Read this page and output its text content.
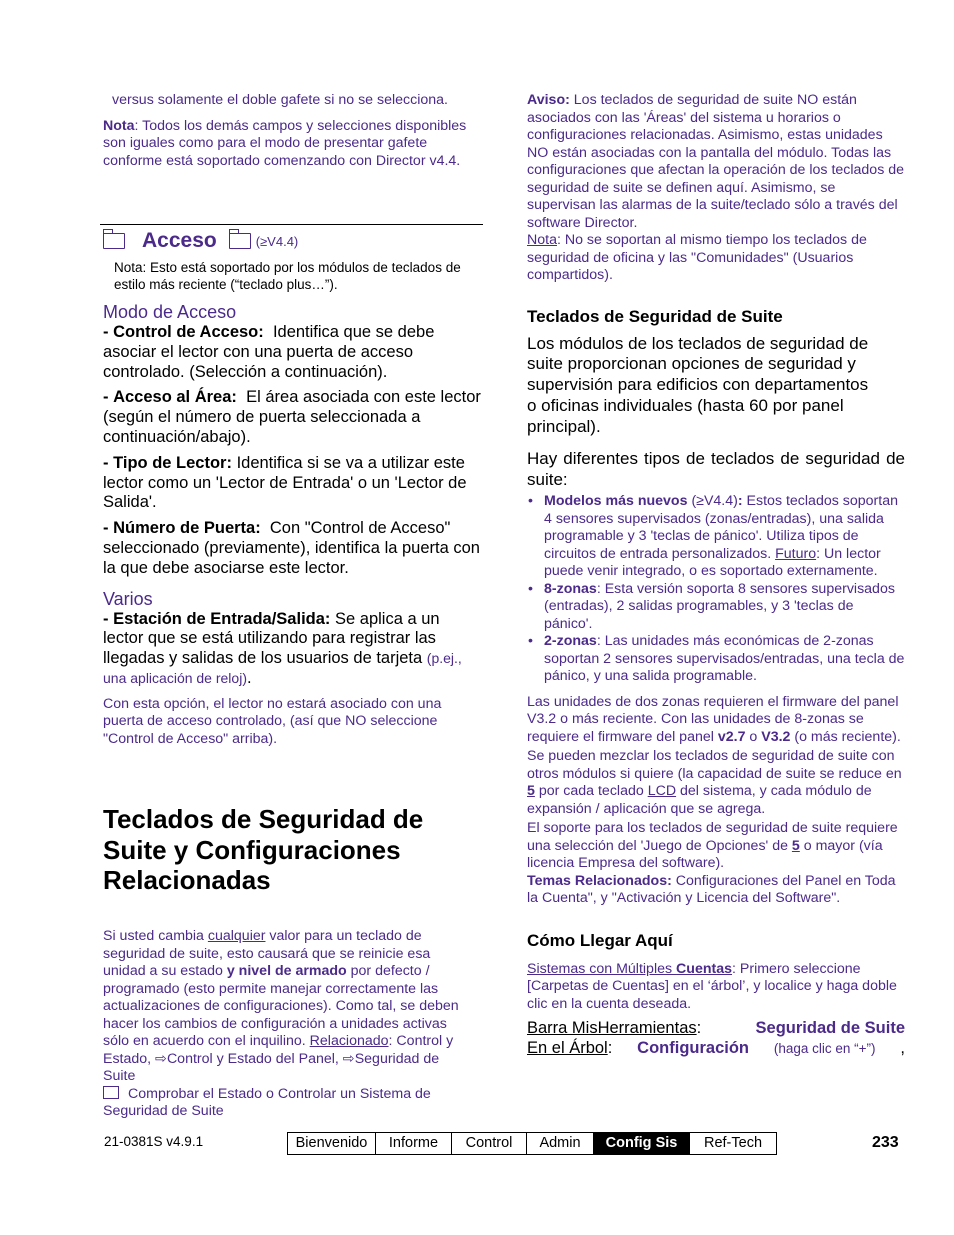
versus solamente el doble gafete si no se selecciona.

Nota: Todos los demás campos y selecciones disponibles son iguales como para el modo de presentar gafete conforme está soportado comenzando con Director v4.4.

Acceso	(≥V4.4)

Nota: Esto está soportado por los módulos de teclados de estilo más reciente (“teclado plus…”).

Modo de Acceso

- Control de Acceso: Identifica que se debe asociar el lector con una puerta de acceso controlado. (Selección a continuación).

- Acceso al Área: El área asociada con este lector (según el número de puerta seleccionada a continuación/abajo).

- Tipo de Lector: Identifica si se va a utilizar este lector como un 'Lector de Entrada' o un 'Lector de Salida'.

- Número de Puerta: Con "Control de Acceso" seleccionado (previamente), identifica la puerta con la que debe asociarse este lector.

Varios

- Estación de Entrada/Salida: Se aplica a un lector que se está utilizando para registrar las llegadas y salidas de los usuarios de tarjeta (p.ej., una aplicación de reloj).

Con esta opción, el lector no estará asociado con una puerta de acceso controlado, (así que NO seleccione "Control de Acceso" arriba).

Teclados de Seguridad de Suite y Configuraciones Relacionadas

Si usted cambia cualquier valor para un teclado de seguridad de suite, esto causará que se reinicie esa unidad a su estado y nivel de armado por defecto / programado (esto permite manejar correctamente las actualizaciones de configuraciones). Como tal, se deben hacer los cambios de configuración a unidades activas sólo en acuerdo con el inquilino. Relacionado: Control y Estado, ⇨Control y Estado del Panel, ⇨Seguridad de Suite

Comprobar el Estado o Controlar un Sistema de Seguridad de Suite

Aviso: Los teclados de seguridad de suite NO están asociados con las 'Áreas' del sistema u horarios o configuraciones relacionadas. Asimismo, estas unidades NO están asociadas con la pantalla del módulo. Todas las configuraciones que afectan la operación de los teclados de seguridad de suite se definen aquí. Asimismo, se supervisan las alarmas de la suite/teclado sólo a través del software Director.

Nota: No se soportan al mismo tiempo los teclados de seguridad de oficina y las "Comunidades" (Usuarios compartidos).

Teclados de Seguridad de Suite

Los módulos de los teclados de seguridad de suite proporcionan opciones de seguridad y supervisión para edificios con departamentos o oficinas individuales (hasta 60 por panel principal).

Hay diferentes tipos de teclados de seguridad de suite:

• Modelos más nuevos (≥V4.4): Estos teclados soportan 4 sensores supervisados (zonas/entradas), una salida programable y 3 'teclas de pánico'. Utiliza tipos de circuitos de entrada personalizados. Futuro: Un lector puede venir integrado, o es soportado externamente.
• 8-zonas: Esta versión soporta 8 sensores supervisados (entradas), 2 salidas programables, y 3 'teclas de pánico'.
• 2-zonas: Las unidades más económicas de 2-zonas soportan 2 sensores supervisados/entradas, una tecla de pánico, y una salida programable.

Las unidades de dos zonas requieren el firmware del panel V3.2 o más reciente. Con las unidades de 8-zonas se requiere el firmware del panel v2.7 o V3.2 (o más reciente).

Se pueden mezclar los teclados de seguridad de suite con otros módulos si quiere (la capacidad de suite se reduce en 5 por cada teclado LCD del sistema, y cada módulo de expansión / aplicación que se agrega.

El soporte para los teclados de seguridad de suite requiere una selección del 'Juego de Opciones' de 5 o mayor (vía licencia Empresa del software).

Temas Relacionados: Configuraciones del Panel en Toda la Cuenta", y "Activación y Licencia del Software".

Cómo Llegar Aquí

Sistemas con Múltiples Cuentas: Primero seleccione [Carpetas de Cuentas] en el ‘árbol’, y localice y haga doble clic en la cuenta deseada.

Barra MisHerramientas:	Seguridad de Suite

En el Árbol: Configuración (haga clic en “+”) ,

21-0381S v4.9.1	Bienvenido	Informe	Control	Admin	Config Sis	Ref-Tech	233
